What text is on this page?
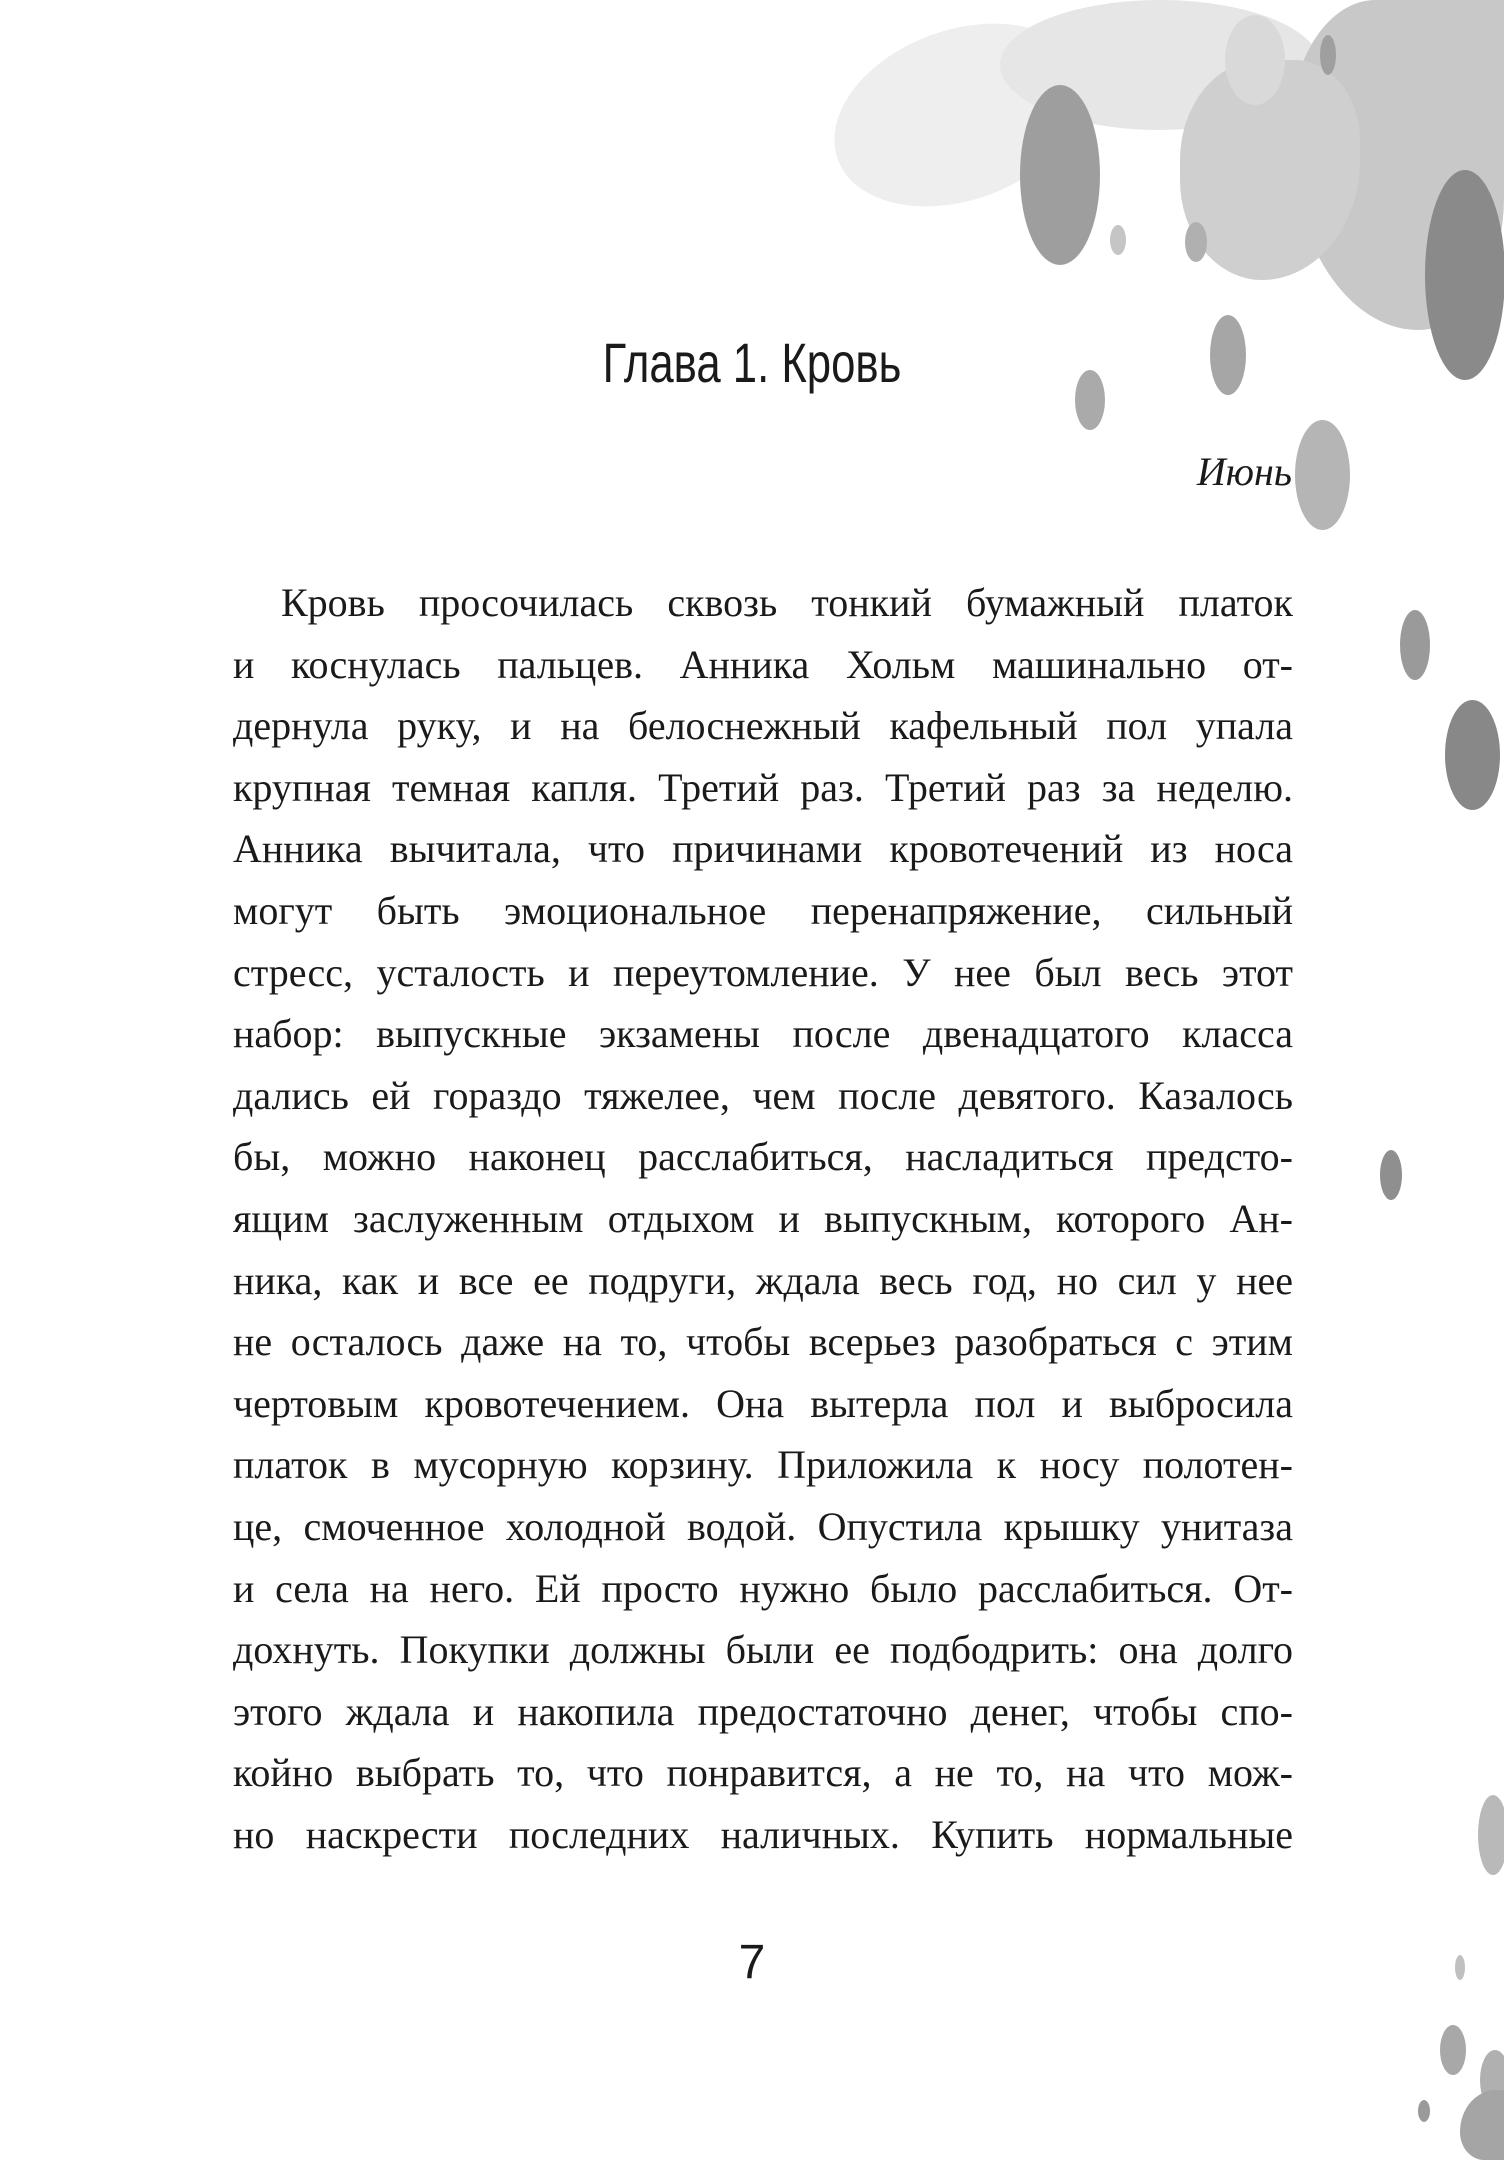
Глава 1. Кровь
Июнь
Кровь просочилась сквозь тонкий бумажный платок
и коснулась пальцев. Анника Хольм машинально от-
дернула руку, и на белоснежный кафельный пол упала
крупная темная капля. Третий раз. Третий раз за неделю.
Анника вычитала, что причинами кровотечений из носа
могут быть эмоциональное перенапряжение, сильный
стресс, усталость и переутомление. У нее был весь этот
набор: выпускные экзамены после двенадцатого класса
дались ей гораздо тяжелее, чем после девятого. Казалось
бы, можно наконец расслабиться, насладиться предсто-
ящим заслуженным отдыхом и выпускным, которого Ан-
ника, как и все ее подруги, ждала весь год, но сил у нее
не осталось даже на то, чтобы всерьез разобраться с этим
чертовым кровотечением. Она вытерла пол и выбросила
платок в мусорную корзину. Приложила к носу полотен-
це, смоченное холодной водой. Опустила крышку унитаза
и села на него. Ей просто нужно было расслабиться. От-
дохнуть. Покупки должны были ее подбодрить: она долго
этого ждала и накопила предостаточно денег, чтобы спо-
койно выбрать то, что понравится, а не то, на что мож-
но наскрести последних наличных. Купить нормальные
7
